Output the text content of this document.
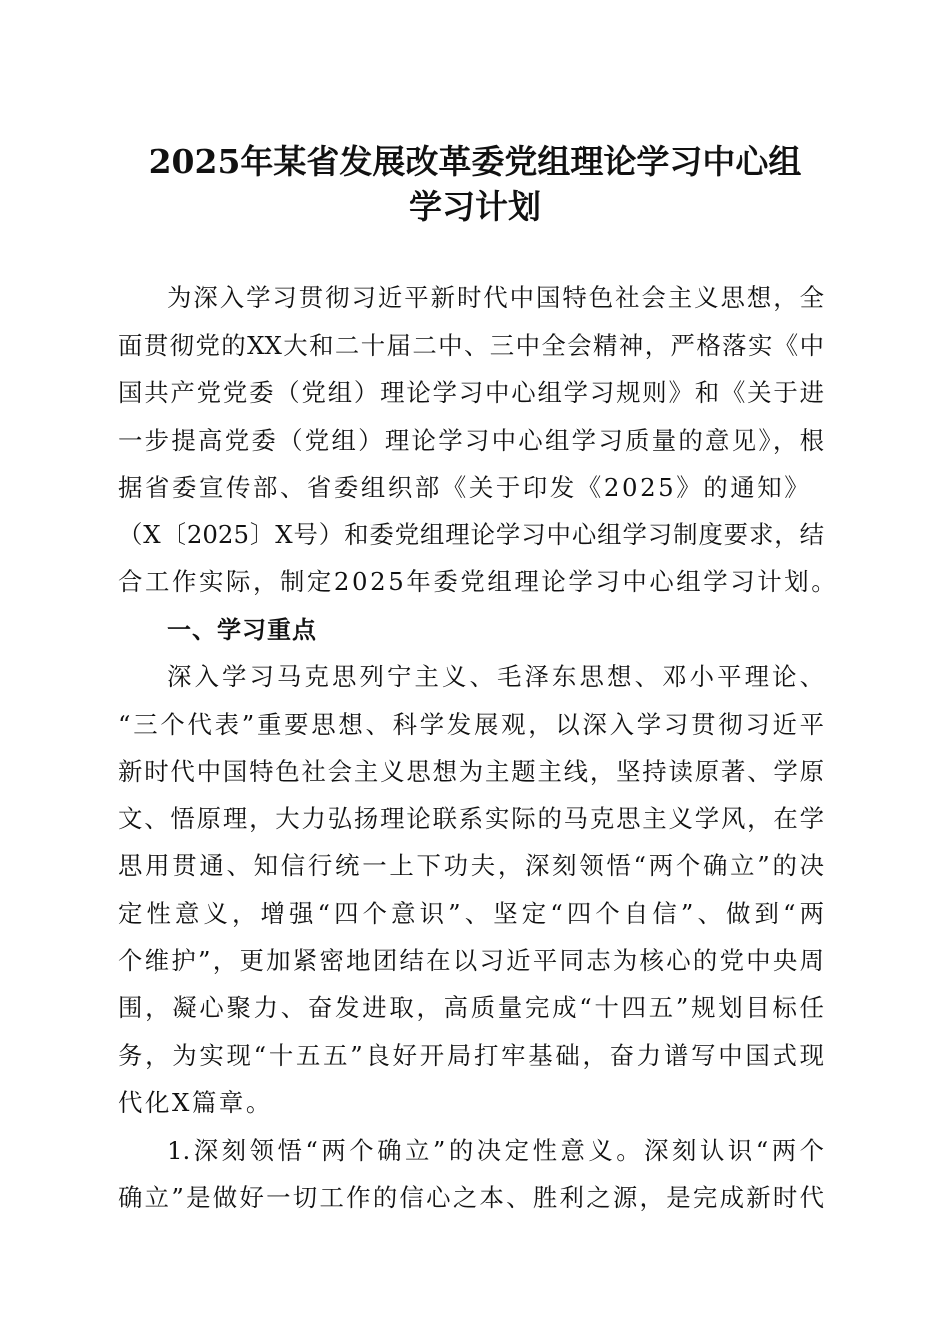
2025年某省发展改革委党组理论学习中心组
学习计划
为深入学习贯彻习近平新时代中国特色社会主义思想，全
面贯彻党的XX大和二十届二中、三中全会精神，严格落实《中
国共产党党委（党组）理论学习中心组学习规则》和《关于进
一步提高党委（党组）理论学习中心组学习质量的意见》，根
据省委宣传部、省委组织部《关于印发《2025》的通知》
（X〔2025〕X号）和委党组理论学习中心组学习制度要求，结
合工作实际，制定2025年委党组理论学习中心组学习计划。
一、学习重点
深入学习马克思列宁主义、毛泽东思想、邓小平理论、
“三个代表”重要思想、科学发展观，以深入学习贯彻习近平
新时代中国特色社会主义思想为主题主线，坚持读原著、学原
文、悟原理，大力弘扬理论联系实际的马克思主义学风，在学
思用贯通、知信行统一上下功夫，深刻领悟“两个确立”的决
定性意义，增强“四个意识”、坚定“四个自信”、做到“两
个维护”，更加紧密地团结在以习近平同志为核心的党中央周
围，凝心聚力、奋发进取，高质量完成“十四五”规划目标任
务，为实现“十五五”良好开局打牢基础，奋力谱写中国式现
代化X篇章。
1.深刻领悟“两个确立”的决定性意义。深刻认识“两个
确立”是做好一切工作的信心之本、胜利之源，是完成新时代
